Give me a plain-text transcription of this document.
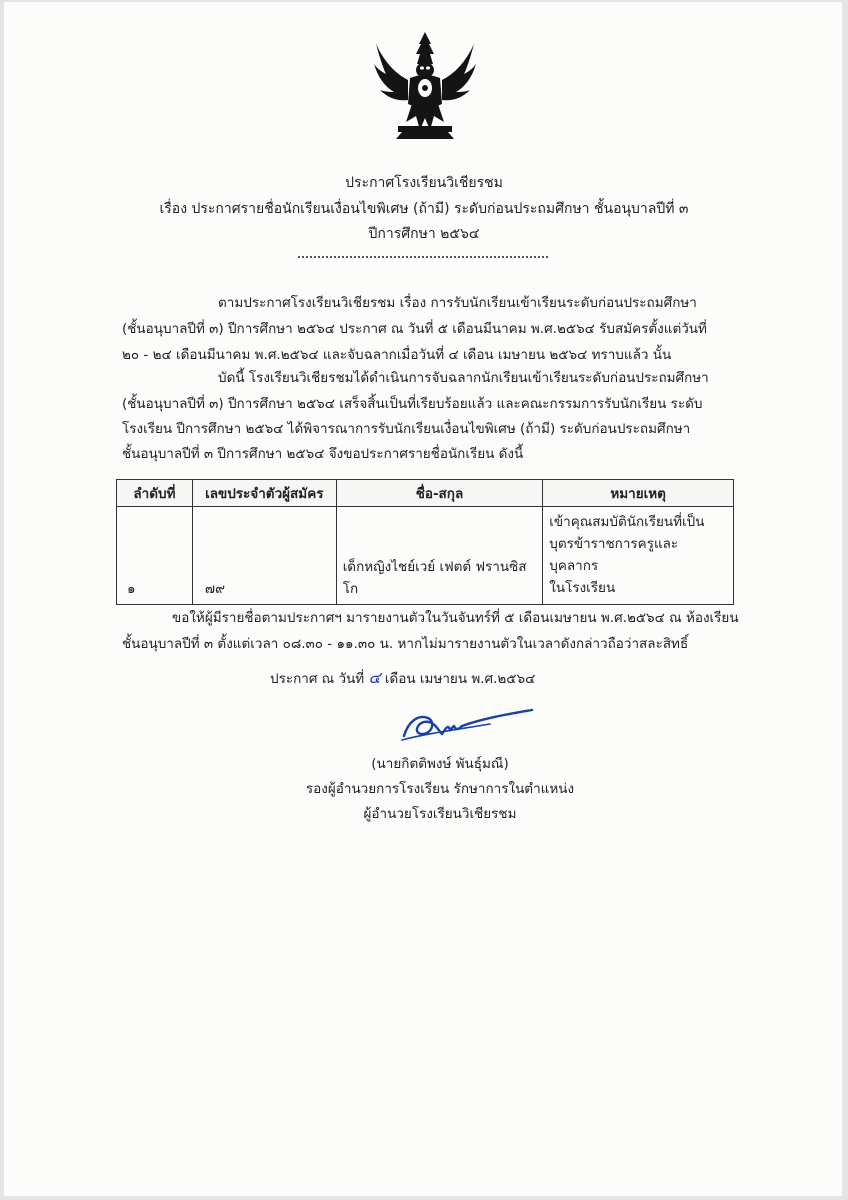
ประกาศโรงเรียนวิเชียรชม
เรื่อง ประกาศรายชื่อนักเรียนเงื่อนไขพิเศษ (ถ้ามี) ระดับก่อนประถมศึกษา ชั้นอนุบาลปีที่ ๓
ปีการศึกษา ๒๕๖๔
ตามประกาศโรงเรียนวิเชียรชม เรื่อง การรับนักเรียนเข้าเรียนระดับก่อนประถมศึกษา
(ชั้นอนุบาลปีที่ ๓) ปีการศึกษา ๒๕๖๔ ประกาศ ณ วันที่ ๕ เดือนมีนาคม พ.ศ.๒๕๖๔ รับสมัครตั้งแต่วันที่
๒๐ - ๒๔ เดือนมีนาคม พ.ศ.๒๕๖๔ และจับฉลากเมื่อวันที่ ๔ เดือน เมษายน ๒๕๖๔ ทราบแล้ว นั้น
บัดนี้ โรงเรียนวิเชียรชมได้ดำเนินการจับฉลากนักเรียนเข้าเรียนระดับก่อนประถมศึกษา
(ชั้นอนุบาลปีที่ ๓) ปีการศึกษา ๒๕๖๔ เสร็จสิ้นเป็นที่เรียบร้อยแล้ว และคณะกรรมการรับนักเรียน ระดับ
โรงเรียน ปีการศึกษา ๒๕๖๔ ได้พิจารณาการรับนักเรียนเงื่อนไขพิเศษ (ถ้ามี) ระดับก่อนประถมศึกษา
ชั้นอนุบาลปีที่ ๓ ปีการศึกษา ๒๕๖๔ จึงขอประกาศรายชื่อนักเรียน ดังนี้
ลำดับที่	เลขประจำตัวผู้สมัคร	ชื่อ-สกุล	หมายเหตุ
๑	๗๙	เด็กหญิงไชย์เวย์ เฟตต์ ฟรานซิสโก	เข้าคุณสมบัตินักเรียนที่เป็น
บุตรข้าราชการครูและบุคลากร
ในโรงเรียน
ขอให้ผู้มีรายชื่อตามประกาศฯ มารายงานตัวในวันจันทร์ที่ ๕ เดือนเมษายน พ.ศ.๒๕๖๔ ณ ห้องเรียน
ชั้นอนุบาลปีที่ ๓ ตั้งแต่เวลา ๐๘.๓๐ - ๑๑.๓๐ น. หากไม่มารายงานตัวในเวลาดังกล่าวถือว่าสละสิทธิ์
ประกาศ ณ วันที่ ๔ เดือน เมษายน พ.ศ.๒๕๖๔
(นายกิตติพงษ์ พันธุ์มณี)
รองผู้อำนวยการโรงเรียน รักษาการในตำแหน่ง
ผู้อำนวยโรงเรียนวิเชียรชม
